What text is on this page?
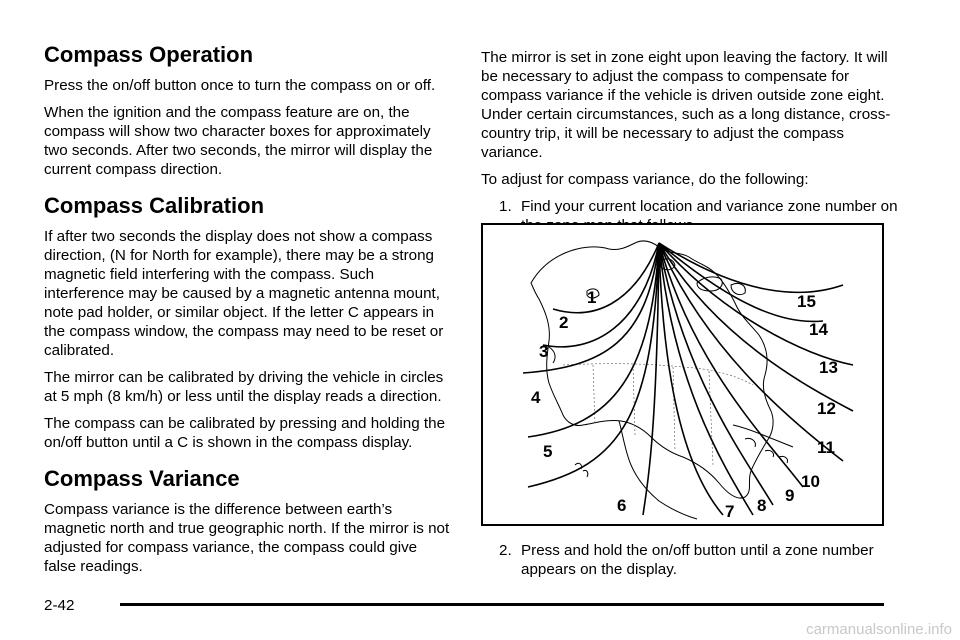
Compass Operation

Press the on/off button once to turn the compass on or off.

When the ignition and the compass feature are on, the compass will show two character boxes for approximately two seconds. After two seconds, the mirror will display the current compass direction.

Compass Calibration

If after two seconds the display does not show a compass direction, (N for North for example), there may be a strong magnetic field interfering with the compass. Such interference may be caused by a magnetic antenna mount, note pad holder, or similar object. If the letter C appears in the compass window, the compass may need to be reset or calibrated.

The mirror can be calibrated by driving the vehicle in circles at 5 mph (8 km/h) or less until the display reads a direction.

The compass can be calibrated by pressing and holding the on/off button until a C is shown in the compass display.

Compass Variance

Compass variance is the difference between earth’s magnetic north and true geographic north. If the mirror is not adjusted for compass variance, the compass could give false readings.

The mirror is set in zone eight upon leaving the factory. It will be necessary to adjust the compass to compensate for compass variance if the vehicle is driven outside zone eight. Under certain circumstances, such as a long distance, cross-country trip, it will be necessary to adjust the compass variance.

To adjust for compass variance, do the following:

1. Find your current location and variance zone number on
1
2
3
4
5
6	7 8
9
10
11
12
13
14
15
2. Press and hold the on/off button until a zone number appears on the display.
2-42
carmanualsonline.info
